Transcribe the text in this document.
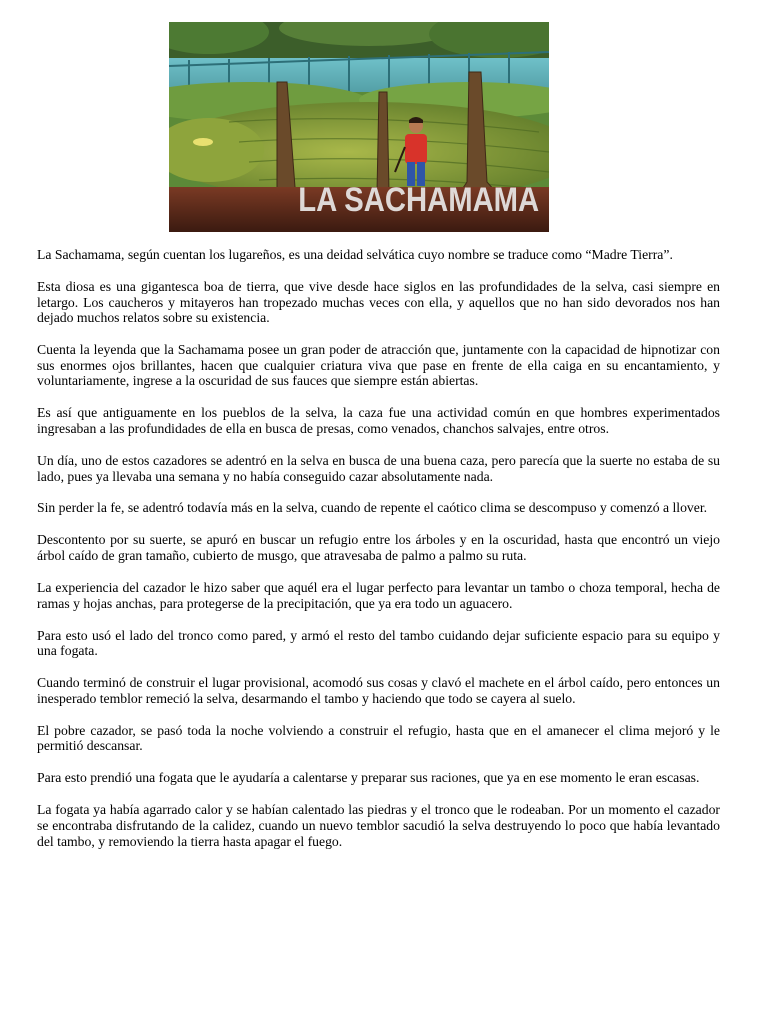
LA SACHAMAMA

La Sachamama, según cuentan los lugareños, es una deidad selvática cuyo nombre se traduce como “Madre Tierra”.

Esta diosa es una gigantesca boa de tierra, que vive desde hace siglos en las profundidades de la selva, casi siempre en letargo. Los caucheros y mitayeros han tropezado muchas veces con ella, y aquellos que no han sido devorados nos han dejado muchos relatos sobre su existencia.

Cuenta la leyenda que la Sachamama posee un gran poder de atracción que, juntamente con la capacidad de hipnotizar con sus enormes ojos brillantes, hacen que cualquier criatura viva que pase en frente de ella caiga en su encantamiento, y voluntariamente, ingrese a la oscuridad de sus fauces que siempre están abiertas.

Es así que antiguamente en los pueblos de la selva, la caza fue una actividad común en que hombres experimentados ingresaban a las profundidades de ella en busca de presas, como venados, chanchos salvajes, entre otros.

Un día, uno de estos cazadores se adentró en la selva en busca de una buena caza, pero parecía que la suerte no estaba de su lado, pues ya llevaba una semana y no había conseguido cazar absolutamente nada.

Sin perder la fe, se adentró todavía más en la selva, cuando de repente el caótico clima se descompuso y comenzó a llover.

Descontento por su suerte, se apuró en buscar un refugio entre los árboles y en la oscuridad, hasta que encontró un viejo árbol caído de gran tamaño, cubierto de musgo, que atravesaba de palmo a palmo su ruta.

La experiencia del cazador le hizo saber que aquél era el lugar perfecto para levantar un tambo o choza temporal, hecha de ramas y hojas anchas, para protegerse de la precipitación, que ya era todo un aguacero.

Para esto usó el lado del tronco como pared, y armó el resto del tambo cuidando dejar suficiente espacio para su equipo y una fogata.

Cuando terminó de construir el lugar provisional, acomodó sus cosas y clavó el machete en el árbol caído, pero entonces un inesperado temblor remeció la selva, desarmando el tambo y haciendo que todo se cayera al suelo.

El pobre cazador, se pasó toda la noche volviendo a construir el refugio, hasta que en el amanecer el clima mejoró y le permitió descansar.

Para esto prendió una fogata que le ayudaría a calentarse y preparar sus raciones, que ya en ese momento le eran escasas.

La fogata ya había agarrado calor y se habían calentado las piedras y el tronco que le rodeaban. Por un momento el cazador se encontraba disfrutando de la calidez, cuando un nuevo temblor sacudió la selva destruyendo lo poco que había levantado del tambo, y removiendo la tierra hasta apagar el fuego.
